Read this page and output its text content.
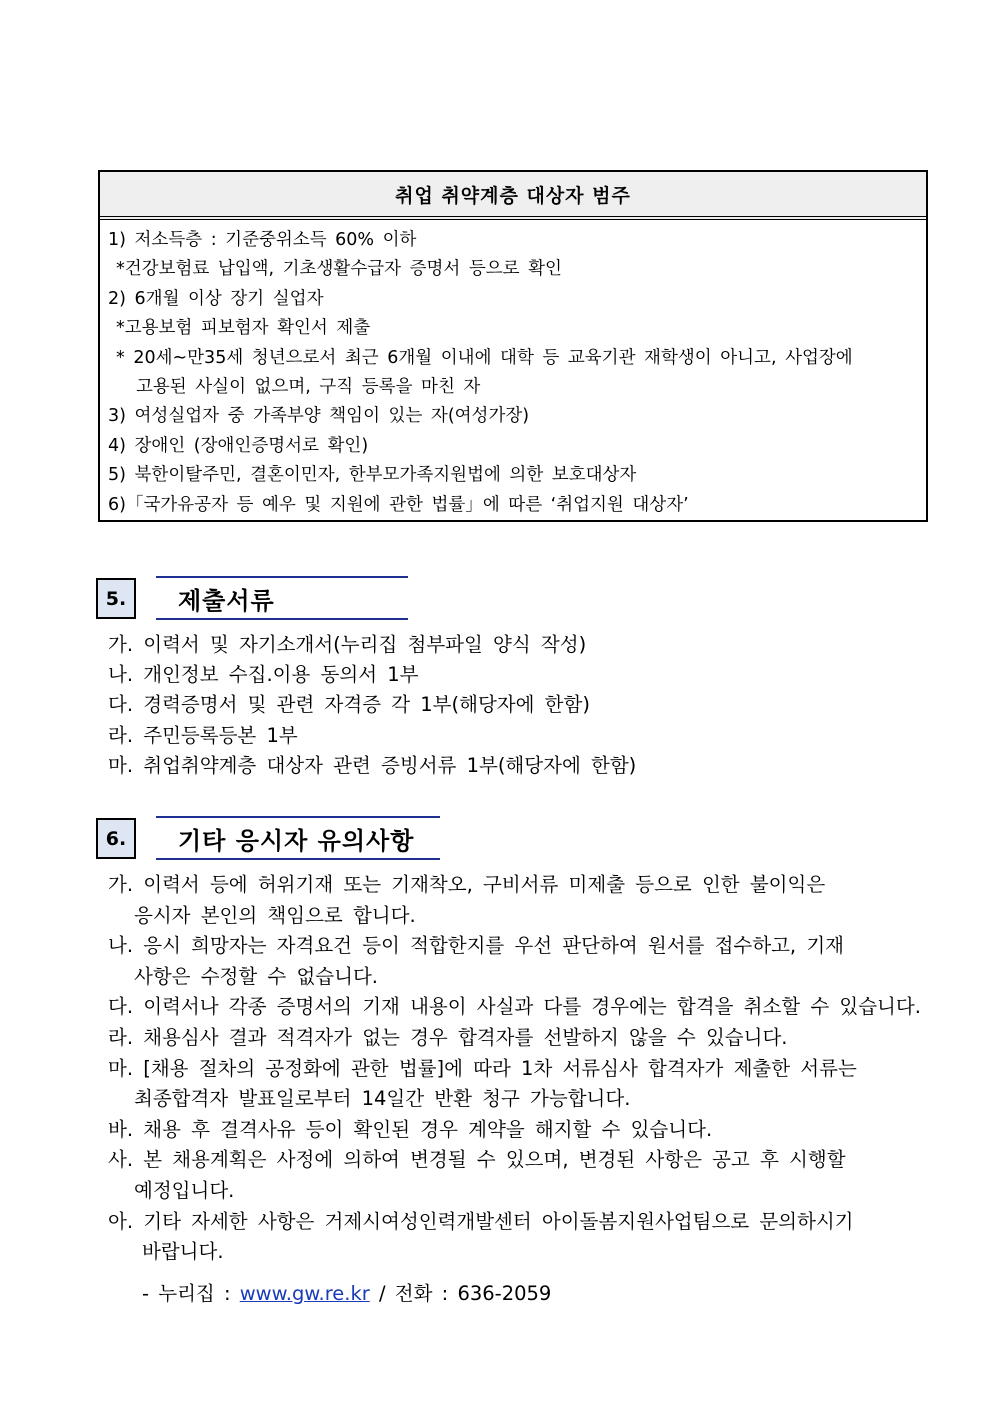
취업 취약계층 대상자 범주
1) 저소득층 : 기준중위소득 60% 이하
*건강보험료 납입액, 기초생활수급자 증명서 등으로 확인
2) 6개월 이상 장기 실업자
*고용보험 피보험자 확인서 제출
* 20세~만35세 청년으로서 최근 6개월 이내에 대학 등 교육기관 재학생이 아니고, 사업장에
고용된 사실이 없으며, 구직 등록을 마친 자
3) 여성실업자 중 가족부양 책임이 있는 자(여성가장)
4) 장애인 (장애인증명서로 확인)
5) 북한이탈주민, 결혼이민자, 한부모가족지원법에 의한 보호대상자
6)「국가유공자 등 예우 및 지원에 관한 법률」에 따른 ‘취업지원 대상자’
5.	제출서류
가. 이력서 및 자기소개서(누리집 첨부파일 양식 작성)
나. 개인정보 수집.이용 동의서 1부
다. 경력증명서 및 관련 자격증 각 1부(해당자에 한함)
라. 주민등록등본 1부
마. 취업취약계층 대상자 관련 증빙서류 1부(해당자에 한함)
6.	기타 응시자 유의사항
가. 이력서 등에 허위기재 또는 기재착오, 구비서류 미제출 등으로 인한 불이익은
응시자 본인의 책임으로 합니다.
나. 응시 희망자는 자격요건 등이 적합한지를 우선 판단하여 원서를 접수하고, 기재
사항은 수정할 수 없습니다.
다. 이력서나 각종 증명서의 기재 내용이 사실과 다를 경우에는 합격을 취소할 수 있습니다.
라. 채용심사 결과 적격자가 없는 경우 합격자를 선발하지 않을 수 있습니다.
마. [채용 절차의 공정화에 관한 법률]에 따라 1차 서류심사 합격자가 제출한 서류는
최종합격자 발표일로부터 14일간 반환 청구 가능합니다.
바. 채용 후 결격사유 등이 확인된 경우 계약을 해지할 수 있습니다.
사. 본 채용계획은 사정에 의하여 변경될 수 있으며, 변경된 사항은 공고 후 시행할
예정입니다.
아. 기타 자세한 사항은 거제시여성인력개발센터 아이돌봄지원사업팀으로 문의하시기
바랍니다.
- 누리집 : www.gw.re.kr / 전화 : 636-2059
